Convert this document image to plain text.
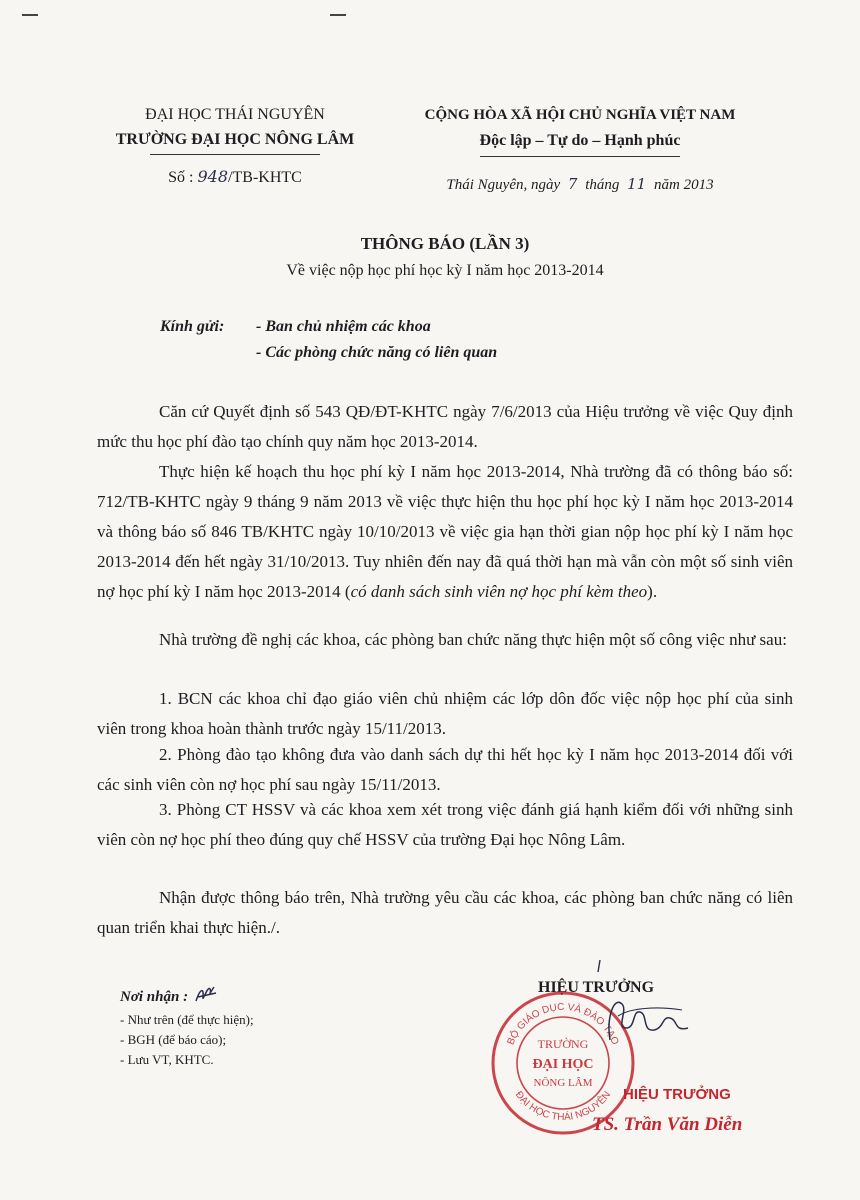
ĐẠI HỌC THÁI NGUYÊN
TRƯỜNG ĐẠI HỌC NÔNG LÂM
Số : 948/TB-KHTC
CỘNG HÒA XÃ HỘI CHỦ NGHĨA VIỆT NAM
Độc lập – Tự do – Hạnh phúc
Thái Nguyên, ngày 7 tháng 11 năm 2013
THÔNG BÁO (LẦN 3)
Về việc nộp học phí học kỳ I năm học 2013-2014
Kính gửi: - Ban chủ nhiệm các khoa
- Các phòng chức năng có liên quan
Căn cứ Quyết định số 543 QĐ/ĐT-KHTC ngày 7/6/2013 của Hiệu trưởng về việc Quy định mức thu học phí đào tạo chính quy năm học 2013-2014.
Thực hiện kế hoạch thu học phí kỳ I năm học 2013-2014, Nhà trường đã có thông báo số: 712/TB-KHTC ngày 9 tháng 9 năm 2013 về việc thực hiện thu học phí học kỳ I năm học 2013-2014 và thông báo số 846 TB/KHTC ngày 10/10/2013 về việc gia hạn thời gian nộp học phí kỳ I năm học 2013-2014 đến hết ngày 31/10/2013. Tuy nhiên đến nay đã quá thời hạn mà vẫn còn một số sinh viên nợ học phí kỳ I năm học 2013-2014 (có danh sách sinh viên nợ học phí kèm theo).
Nhà trường đề nghị các khoa, các phòng ban chức năng thực hiện một số công việc như sau:
1. BCN các khoa chỉ đạo giáo viên chủ nhiệm các lớp dôn đốc việc nộp học phí của sinh viên trong khoa hoàn thành trước ngày 15/11/2013.
2. Phòng đào tạo không đưa vào danh sách dự thi hết học kỳ I năm học 2013-2014 đối với các sinh viên còn nợ học phí sau ngày 15/11/2013.
3. Phòng CT HSSV và các khoa xem xét trong việc đánh giá hạnh kiểm đối với những sinh viên còn nợ học phí theo đúng quy chế HSSV của trường Đại học Nông Lâm.
Nhận được thông báo trên, Nhà trường yêu cầu các khoa, các phòng ban chức năng có liên quan triển khai thực hiện./.
Nơi nhận :
- Như trên (để thực hiện);
- BGH (để báo cáo);
- Lưu VT, KHTC.
HIỆU TRƯỞNG
BỘ GIÁO DỤC VÀ ĐÀO TẠO
ĐẠI HỌC THÁI NGUYÊN
TRƯỜNG
ĐẠI HỌC
NÔNG LÂM
HIỆU TRƯỞNG
TS. Trần Văn Diễn
